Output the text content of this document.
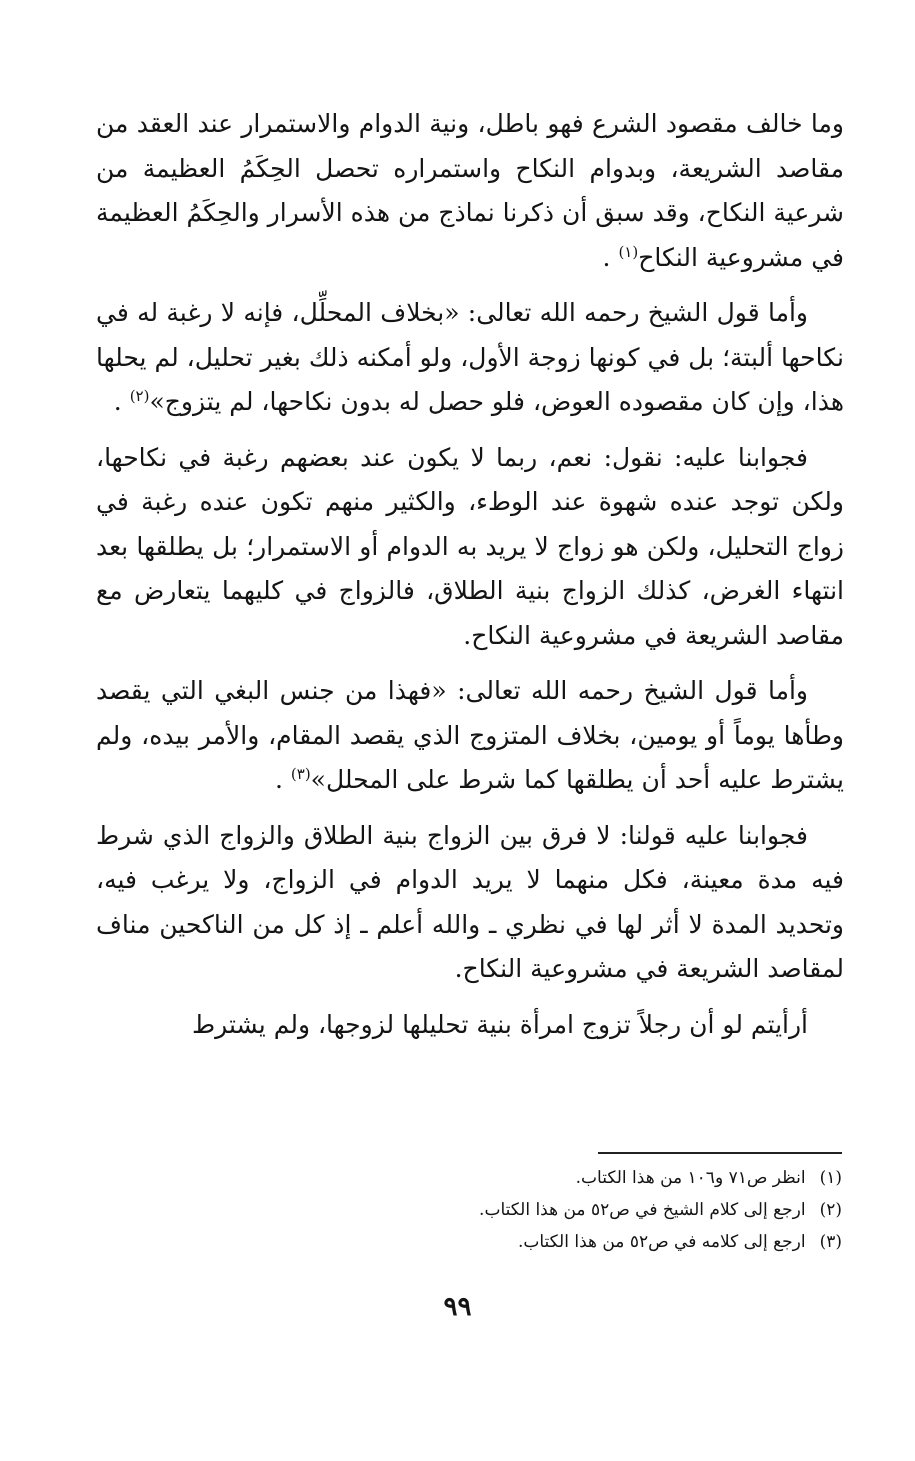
وما خالف مقصود الشرع فهو باطل، ونية الدوام والاستمرار عند العقد من مقاصد الشريعة، وبدوام النكاح واستمراره تحصل الحِكَمُ العظيمة من شرعية النكاح، وقد سبق أن ذكرنا نماذج من هذه الأسرار والحِكَمُ العظيمة في مشروعية النكاح$^{(١)}$ .

وأما قول الشيخ رحمه الله تعالى: «بخلاف المحلِّل، فإنه لا رغبة له في نكاحها ألبتة؛ بل في كونها زوجة الأول، ولو أمكنه ذلك بغير تحليل، لم يحلها هذا، وإن كان مقصوده العوض، فلو حصل له بدون نكاحها، لم يتزوج»$^{(٢)}$ .

فجوابنا عليه: نقول: نعم، ربما لا يكون عند بعضهم رغبة في نكاحها، ولكن توجد عنده شهوة عند الوطء، والكثير منهم تكون عنده رغبة في زواج التحليل، ولكن هو زواج لا يريد به الدوام أو الاستمرار؛ بل يطلقها بعد انتهاء الغرض، كذلك الزواج بنية الطلاق، فالزواج في كليهما يتعارض مع مقاصد الشريعة في مشروعية النكاح.

وأما قول الشيخ رحمه الله تعالى: «فهذا من جنس البغي التي يقصد وطأها يوماً أو يومين، بخلاف المتزوج الذي يقصد المقام، والأمر بيده، ولم يشترط عليه أحد أن يطلقها كما شرط على المحلل»$^{(٣)}$ .

فجوابنا عليه قولنا: لا فرق بين الزواج بنية الطلاق والزواج الذي شرط فيه مدة معينة، فكل منهما لا يريد الدوام في الزواج، ولا يرغب فيه، وتحديد المدة لا أثر لها في نظري ـ والله أعلم ـ إذ كل من الناكحين مناف لمقاصد الشريعة في مشروعية النكاح.

أرأيتم لو أن رجلاً تزوج امرأة بنية تحليلها لزوجها، ولم يشترط

(١)انظر ص٧١ و١٠٦ من هذا الكتاب.

(٢)ارجع إلى كلام الشيخ في ص٥٢ من هذا الكتاب.

(٣)ارجع إلى كلامه في ص٥٢ من هذا الكتاب.

٩٩
